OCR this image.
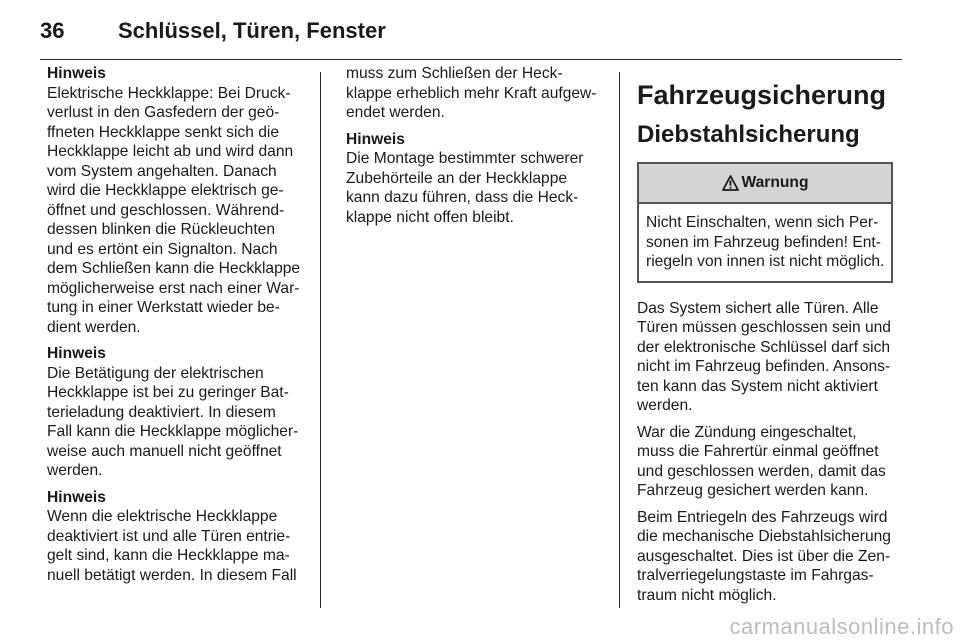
36 Schlüssel, Türen, Fenster

Hinweis

Elektrische Heckklappe: Bei Druck-
verlust in den Gasfedern der geö-
ffneten Heckklappe senkt sich die
Heckklappe leicht ab und wird dann
vom System angehalten. Danach
wird die Heckklappe elektrisch ge-
öffnet und geschlossen. Während-
dessen blinken die Rückleuchten
und es ertönt ein Signalton. Nach
dem Schließen kann die Heckklappe
möglicherweise erst nach einer War-
tung in einer Werkstatt wieder be-
dient werden.

Hinweis

Die Betätigung der elektrischen
Heckklappe ist bei zu geringer Bat-
terieladung deaktiviert. In diesem
Fall kann die Heckklappe möglicher-
weise auch manuell nicht geöffnet
werden.

Hinweis

Wenn die elektrische Heckklappe
deaktiviert ist und alle Türen entrie-
gelt sind, kann die Heckklappe ma-
nuell betätigt werden. In diesem Fall

muss zum Schließen der Heck-
klappe erheblich mehr Kraft aufgew-
endet werden.

Hinweis

Die Montage bestimmter schwerer
Zubehörteile an der Heckklappe
kann dazu führen, dass die Heck-
klappe nicht offen bleibt.

Fahrzeugsicherung
Diebstahlsicherung
Warnung
Nicht Einschalten, wenn sich Per-
sonen im Fahrzeug befinden! Ent-
riegeln von innen ist nicht möglich.

Das System sichert alle Türen. Alle
Türen müssen geschlossen sein und
der elektronische Schlüssel darf sich
nicht im Fahrzeug befinden. Ansons-
ten kann das System nicht aktiviert
werden.

War die Zündung eingeschaltet,
muss die Fahrertür einmal geöffnet
und geschlossen werden, damit das
Fahrzeug gesichert werden kann.

Beim Entriegeln des Fahrzeugs wird
die mechanische Diebstahlsicherung
ausgeschaltet. Dies ist über die Zen-
tralverriegelungstaste im Fahrgas-
traum nicht möglich.

carmanualsonline.info
